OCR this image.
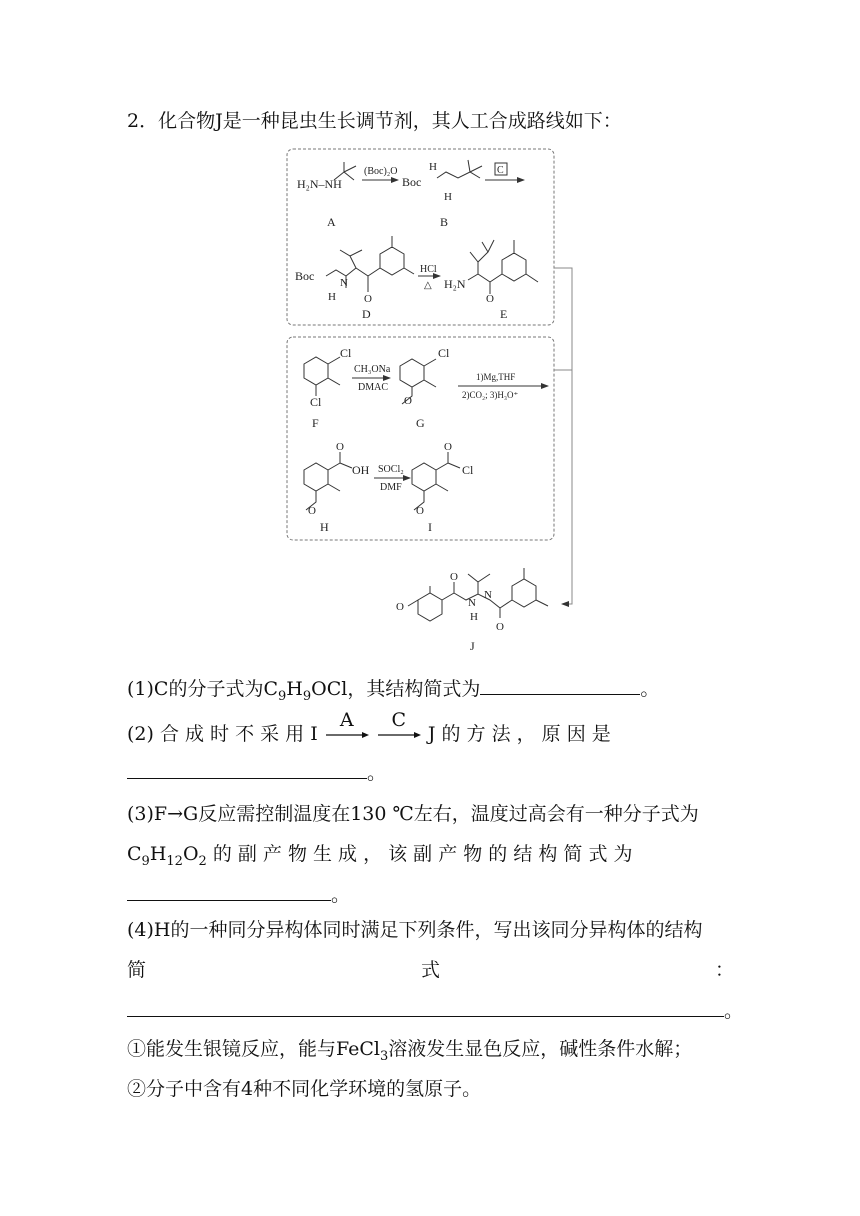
2．化合物J是一种昆虫生长调节剂，其人工合成路线如下：
H₂N–NH
A
(Boc)₂O
Boc
H
H
B
C
Boc N
H	O
D
HCl
△ H₂N
O
E
Cl
Cl
F
CH₃ONa
DMAC
Cl
O
G
1)Mg,THF
2)CO₂; 3)H₃O⁺
O
OH
O
H
SOCl₂
DMF
O
Cl
O
I
O
O
N
H
N
O
J
(1)C的分子式为$C_9H_9OCl$，其结构简式为	。
(2) 合 成 时 不 采 用 I
A
	C
J 的 方 法 ， 原 因 是
。
(3)F→G反应需控制温度在130 ℃左右，温度过高会有一种分子式为
$C_9H_{12}O_2$ 的 副 产 物 生 成 ， 该 副 产 物 的 结 构 简 式 为
。
(4)H的一种同分异构体同时满足下列条件，写出该同分异构体的结构
简	式	：
。
①能发生银镜反应，能与FeCl$_3$溶液发生显色反应，碱性条件水解；
②分子中含有4种不同化学环境的氢原子。
